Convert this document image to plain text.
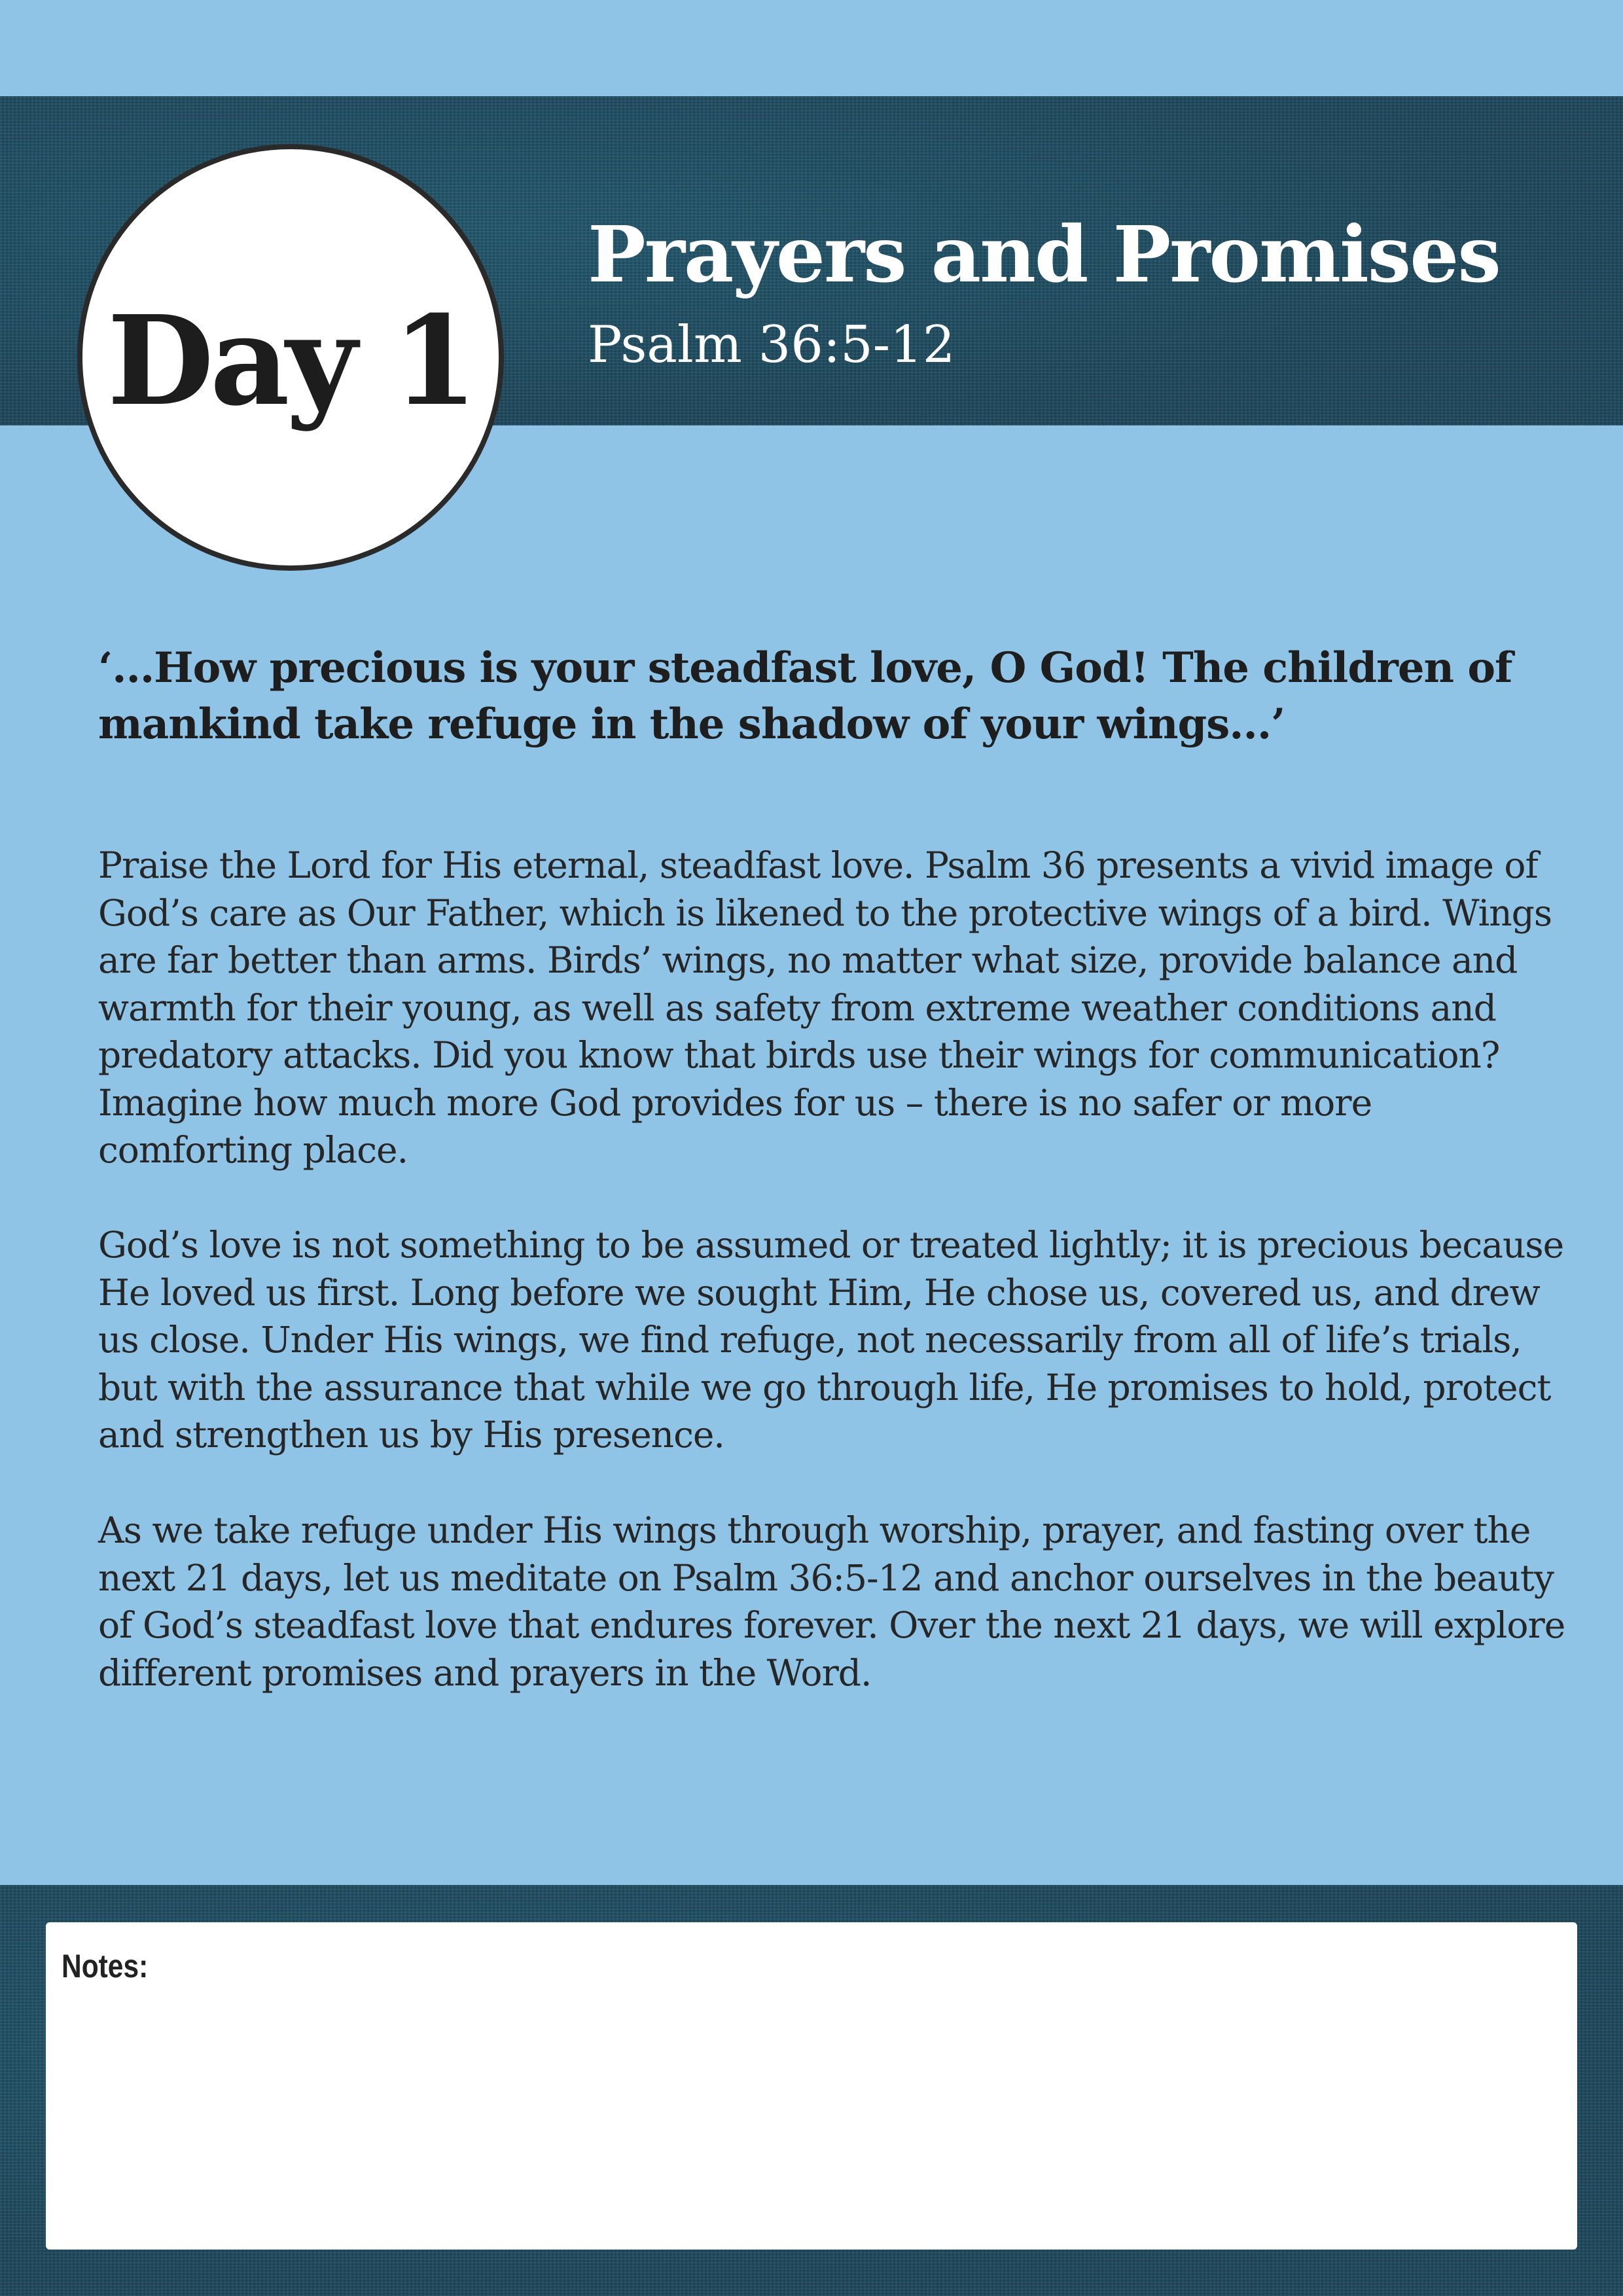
Day 1
Prayers and Promises
Psalm 36:5-12

‘...How precious is your steadfast love, O God! The children of mankind take refuge in the shadow of your wings...’

Praise the Lord for His eternal, steadfast love. Psalm 36 presents a vivid image of God’s care as Our Father, which is likened to the protective wings of a bird. Wings are far better than arms. Birds’ wings, no matter what size, provide balance and warmth for their young, as well as safety from extreme weather conditions and predatory attacks. Did you know that birds use their wings for communication? Imagine how much more God provides for us – there is no safer or more comforting place.

God’s love is not something to be assumed or treated lightly; it is precious because He loved us first. Long before we sought Him, He chose us, covered us, and drew us close. Under His wings, we find refuge, not necessarily from all of life’s trials, but with the assurance that while we go through life, He promises to hold, protect and strengthen us by His presence.

As we take refuge under His wings through worship, prayer, and fasting over the next 21 days, let us meditate on Psalm 36:5-12 and anchor ourselves in the beauty of God’s steadfast love that endures forever. Over the next 21 days, we will explore different promises and prayers in the Word.

Notes:
